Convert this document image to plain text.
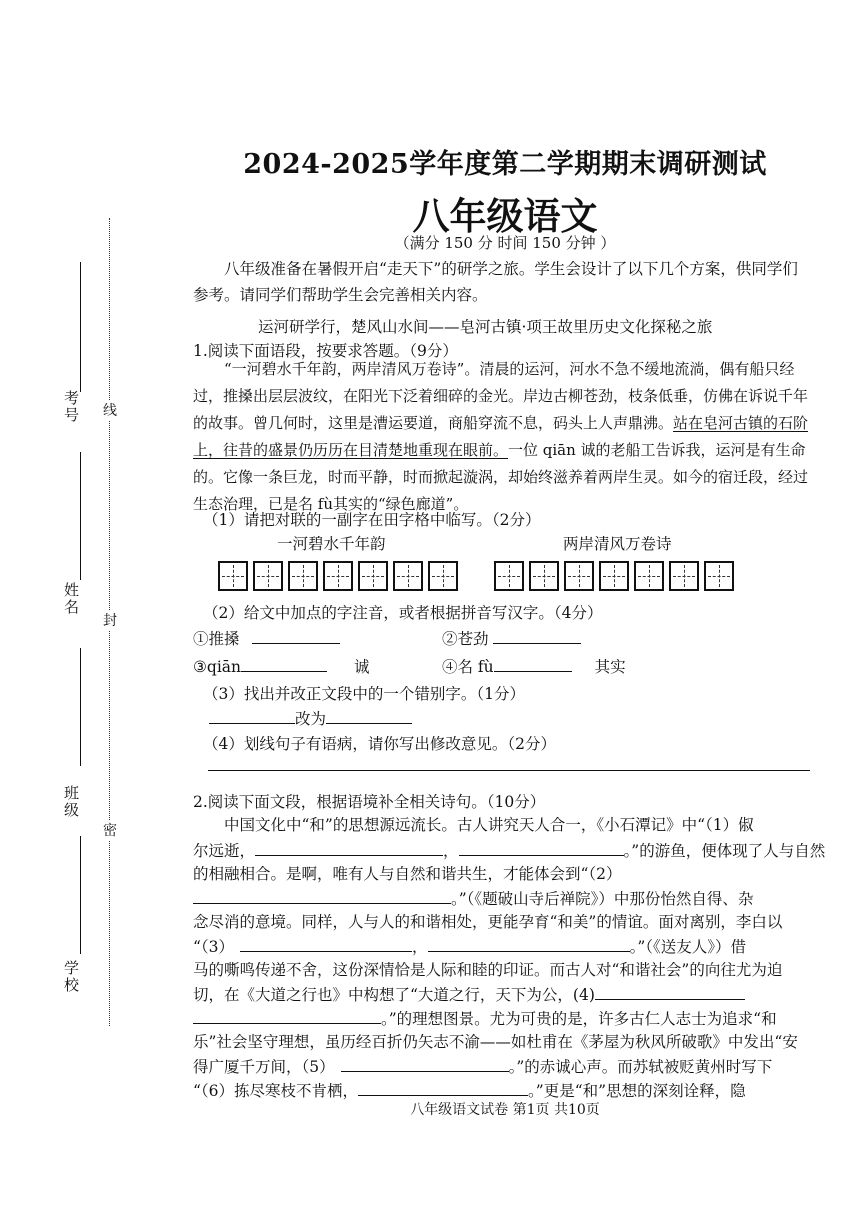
考号
姓名
班级
学校
线
封
密
2024-2025学年度第二学期期末调研测试
八年级语文
（满分 150 分 时间 150 分钟 ）
八年级准备在暑假开启“走天下”的研学之旅。学生会设计了以下几个方案，供同学们参考。请同学们帮助学生会完善相关内容。
运河研学行，楚风山水间——皂河古镇·项王故里历史文化探秘之旅
1.阅读下面语段，按要求答题。（9分）
“一河碧水千年韵，两岸清风万卷诗”。清晨的运河，河水不急不缓地流淌，偶有船只经过，推搡出层层波纹，在阳光下泛着细碎的金光。岸边古柳苍劲，枝条低垂，仿佛在诉说千年的故事。曾几何时，这里是漕运要道，商船穿流不息，码头上人声鼎沸。站在皂河古镇的石阶上，往昔的盛景仍历历在目清楚地重现在眼前。一位 qiān 诚的老船工告诉我，运河是有生命的。它像一条巨龙，时而平静，时而掀起漩涡，却始终滋养着两岸生灵。如今的宿迁段，经过生态治理，已是名 fù其实的“绿色廊道”。
（1）请把对联的一副字在田字格中临写。（2分）
一河碧水千年韵	两岸清风万卷诗
（2）给文中加点的字注音，或者根据拼音写汉字。（4分）
①推搡	②苍劲
③qiān	诚	④名 fù	其实
（3）找出并改正文段中的一个错别字。（1分）
改为
（4）划线句子有语病，请你写出修改意见。（2分）
2.阅读下面文段，根据语境补全相关诗句。（10分）
中国文化中“和”的思想源远流长。古人讲究天人合一，《小石潭记》中“（1）俶
尔远逝，	，	。”的游鱼，便体现了人与自然
的相融相合。是啊，唯有人与自然和谐共生，才能体会到“（2）
。”（《题破山寺后禅院》）中那份怡然自得、杂
念尽消的意境。同样，人与人的和谐相处，更能孕育“和美”的情谊。面对离别，李白以
“（3）	，	。”（《送友人》）借
马的嘶鸣传递不舍，这份深情恰是人际和睦的印证。而古人对“和谐社会”的向往尤为迫
切，在《大道之行也》中构想了“大道之行，天下为公，(4)
。”的理想图景。尤为可贵的是，许多古仁人志士为追求“和
乐”社会坚守理想，虽历经百折仍矢志不渝——如杜甫在《茅屋为秋风所破歌》中发出“安
得广厦千万间，（5）	。”的赤诚心声。而苏轼被贬黄州时写下
“（6）拣尽寒枝不肯栖，	。”更是“和”思想的深刻诠释，隐
八年级语文试卷 第1页 共10页
